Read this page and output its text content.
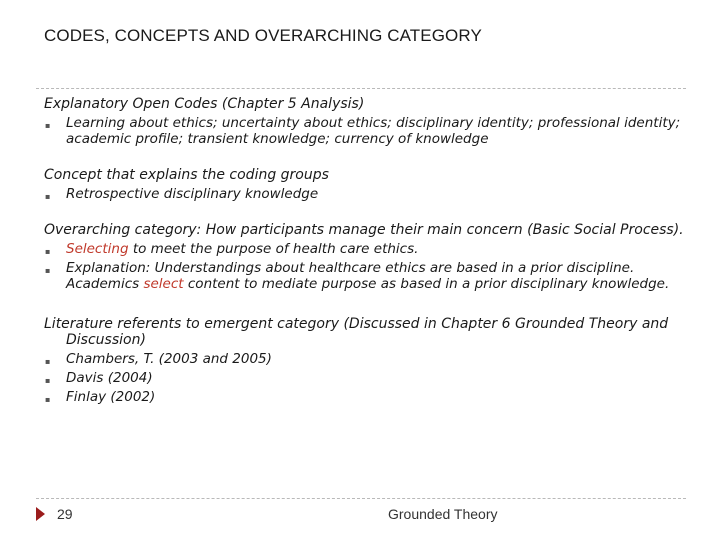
CODES, CONCEPTS AND OVERARCHING CATEGORY
Explanatory Open Codes (Chapter 5 Analysis)
▪ Learning about ethics; uncertainty about ethics; disciplinary identity; professional identity; academic profile; transient knowledge; currency of knowledge
Concept that explains the coding groups
▪ Retrospective disciplinary knowledge
Overarching category: How participants manage their main concern (Basic Social Process).
▪ Selecting to meet the purpose of health care ethics.
▪ Explanation: Understandings about healthcare ethics are based in a prior discipline. Academics select content to mediate purpose as based in a prior disciplinary knowledge.
Literature referents to emergent category (Discussed in Chapter 6 Grounded Theory and Discussion)
▪ Chambers, T. (2003 and 2005)
▪ Davis (2004)
▪ Finlay (2002)
29	Grounded Theory
